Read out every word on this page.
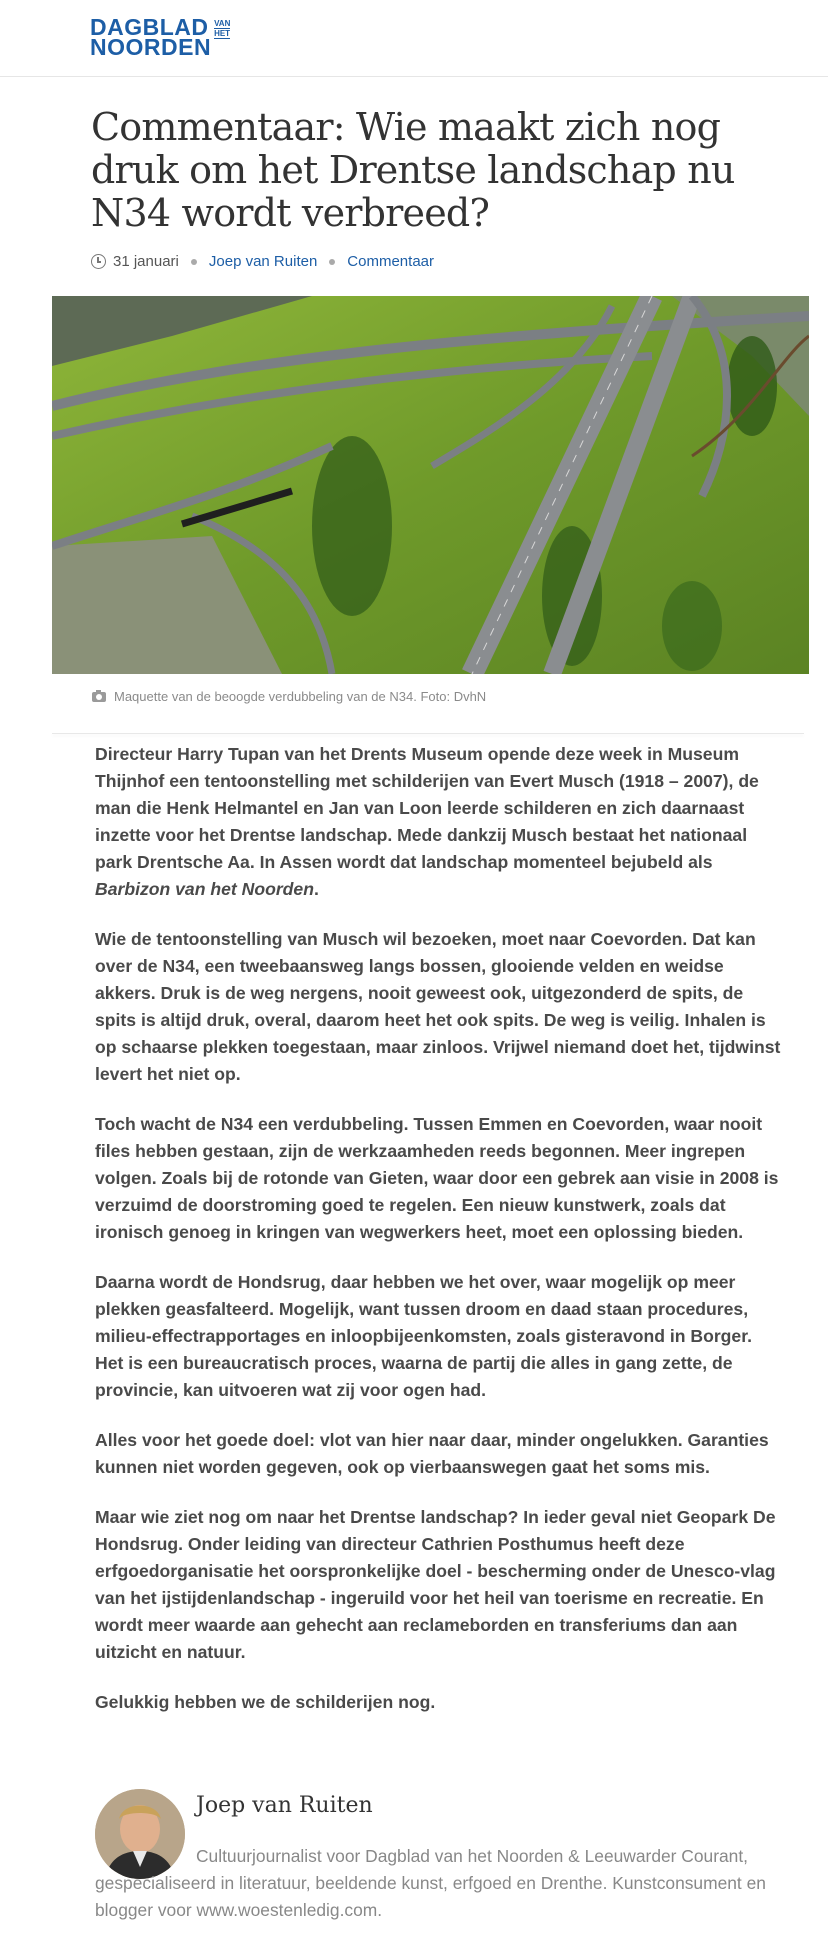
DAGBLAD
NOORDEN
VAN
HET
Commentaar: Wie maakt zich nog druk om het Drentse landschap nu N34 wordt verbreed?
31 januari Joep van Ruiten Commentaar
Maquette van de beoogde verdubbeling van de N34. Foto: DvhN

Directeur Harry Tupan van het Drents Museum opende deze week in Museum Thijnhof een tentoonstelling met schilderijen van Evert Musch (1918 – 2007), de man die Henk Helmantel en Jan van Loon leerde schilderen en zich daarnaast inzette voor het Drentse landschap. Mede dankzij Musch bestaat het nationaal park Drentsche Aa. In Assen wordt dat landschap momenteel bejubeld als Barbizon van het Noorden.

Wie de tentoonstelling van Musch wil bezoeken, moet naar Coevorden. Dat kan over de N34, een tweebaansweg langs bossen, glooiende velden en weidse akkers. Druk is de weg nergens, nooit geweest ook, uitgezonderd de spits, de spits is altijd druk, overal, daarom heet het ook spits. De weg is veilig. Inhalen is op schaarse plekken toegestaan, maar zinloos. Vrijwel niemand doet het, tijdwinst levert het niet op.

Toch wacht de N34 een verdubbeling. Tussen Emmen en Coevorden, waar nooit files hebben gestaan, zijn de werkzaamheden reeds begonnen. Meer ingrepen volgen. Zoals bij de rotonde van Gieten, waar door een gebrek aan visie in 2008 is verzuimd de doorstroming goed te regelen. Een nieuw kunstwerk, zoals dat ironisch genoeg in kringen van wegwerkers heet, moet een oplossing bieden.

Daarna wordt de Hondsrug, daar hebben we het over, waar mogelijk op meer plekken geasfalteerd. Mogelijk, want tussen droom en daad staan procedures, milieu-effectrapportages en inloopbijeenkomsten, zoals gisteravond in Borger. Het is een bureaucratisch proces, waarna de partij die alles in gang zette, de provincie, kan uitvoeren wat zij voor ogen had.

Alles voor het goede doel: vlot van hier naar daar, minder ongelukken. Garanties kunnen niet worden gegeven, ook op vierbaanswegen gaat het soms mis.

Maar wie ziet nog om naar het Drentse landschap? In ieder geval niet Geopark De Hondsrug. Onder leiding van directeur Cathrien Posthumus heeft deze erfgoedorganisatie het oorspronkelijke doel - bescherming onder de Unesco-vlag van het ijstijdenlandschap - ingeruild voor het heil van toerisme en recreatie. En wordt meer waarde aan gehecht aan reclameborden en transferiums dan aan uitzicht en natuur.

Gelukkig hebben we de schilderijen nog.

Joep van Ruiten
Cultuurjournalist voor Dagblad van het Noorden & Leeuwarder Courant, gespecialiseerd in literatuur, beeldende kunst, erfgoed en Drenthe. Kunstconsument en blogger voor www.woestenledig.com.
